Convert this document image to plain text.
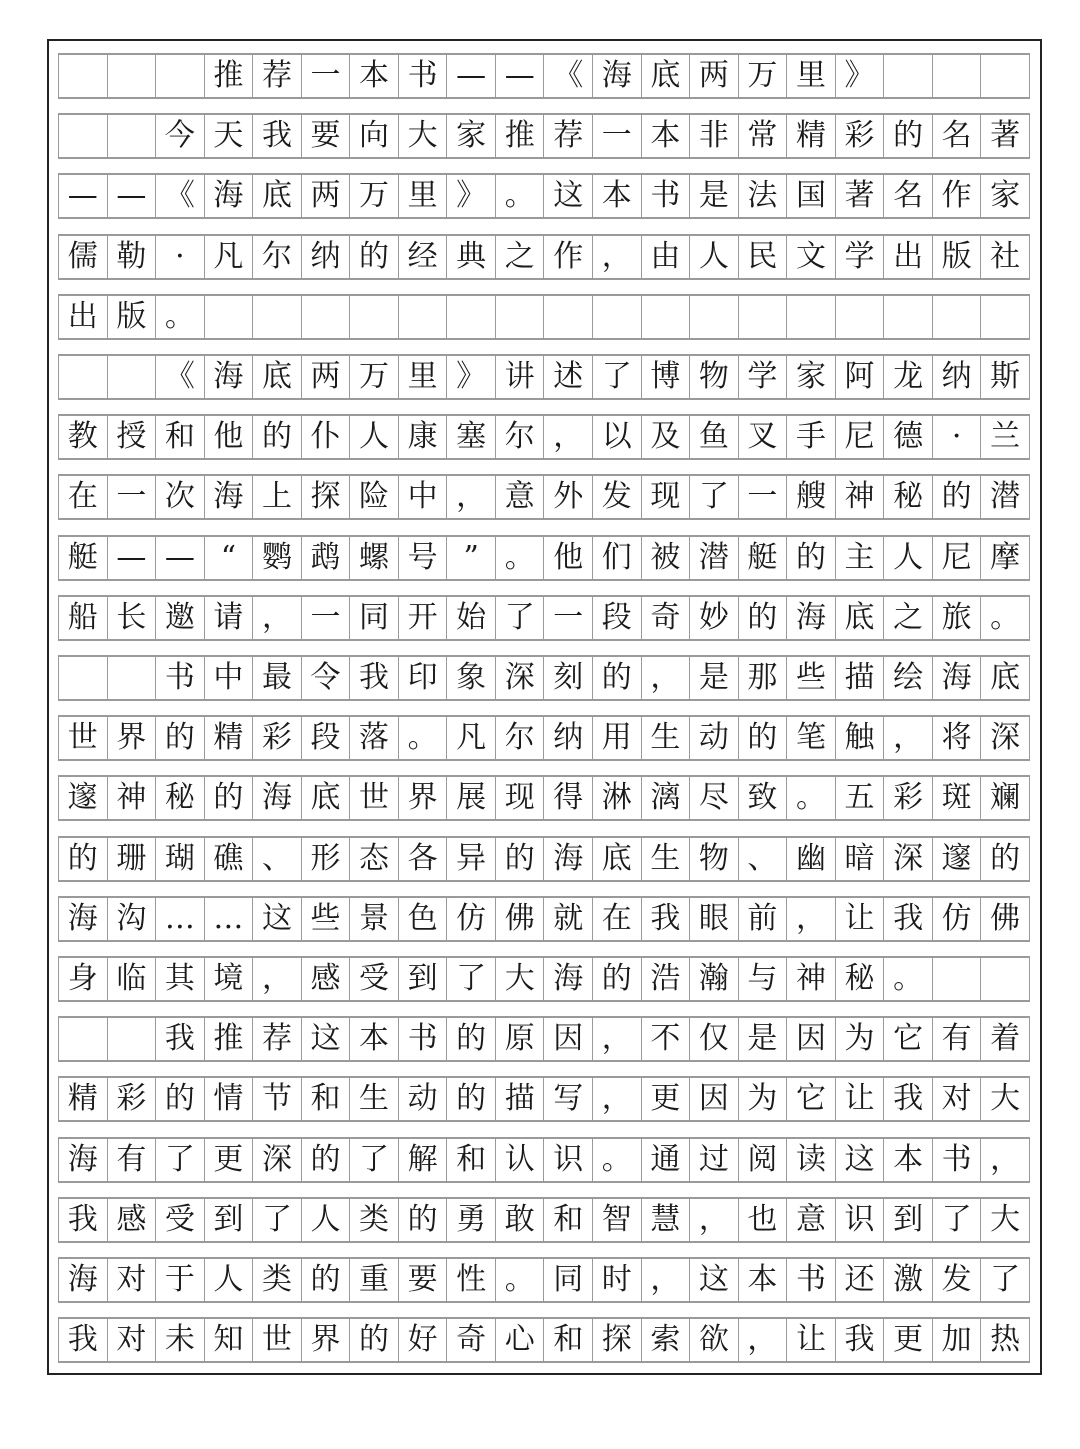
推 荐 一 本 书 — — 《 海 底 两 万 里 》
今 天 我 要 向 大 家 推 荐 一 本 非 常 精 彩 的 名 著
— — 《 海 底 两 万 里 》 。 这 本 书 是 法 国 著 名 作 家
儒 勒 · 凡 尔 纳 的 经 典 之 作 ， 由 人 民 文 学 出 版 社
出 版 。
《 海 底 两 万 里 》 讲 述 了 博 物 学 家 阿 龙 纳 斯
教 授 和 他 的 仆 人 康 塞 尔 ， 以 及 鱼 叉 手 尼 德 · 兰
在 一 次 海 上 探 险 中 ， 意 外 发 现 了 一 艘 神 秘 的 潜
艇 — — “ 鹦 鹉 螺 号 ” 。 他 们 被 潜 艇 的 主 人 尼 摩
船 长 邀 请 ， 一 同 开 始 了 一 段 奇 妙 的 海 底 之 旅 。
书 中 最 令 我 印 象 深 刻 的 ， 是 那 些 描 绘 海 底
世 界 的 精 彩 段 落 。 凡 尔 纳 用 生 动 的 笔 触 ， 将 深
邃 神 秘 的 海 底 世 界 展 现 得 淋 漓 尽 致 。 五 彩 斑 斓
的 珊 瑚 礁 、 形 态 各 异 的 海 底 生 物 、 幽 暗 深 邃 的
海 沟 … … 这 些 景 色 仿 佛 就 在 我 眼 前 ， 让 我 仿 佛
身 临 其 境 ， 感 受 到 了 大 海 的 浩 瀚 与 神 秘 。
我 推 荐 这 本 书 的 原 因 ， 不 仅 是 因 为 它 有 着
精 彩 的 情 节 和 生 动 的 描 写 ， 更 因 为 它 让 我 对 大
海 有 了 更 深 的 了 解 和 认 识 。 通 过 阅 读 这 本 书 ，
我 感 受 到 了 人 类 的 勇 敢 和 智 慧 ， 也 意 识 到 了 大
海 对 于 人 类 的 重 要 性 。 同 时 ， 这 本 书 还 激 发 了
我 对 未 知 世 界 的 好 奇 心 和 探 索 欲 ， 让 我 更 加 热
